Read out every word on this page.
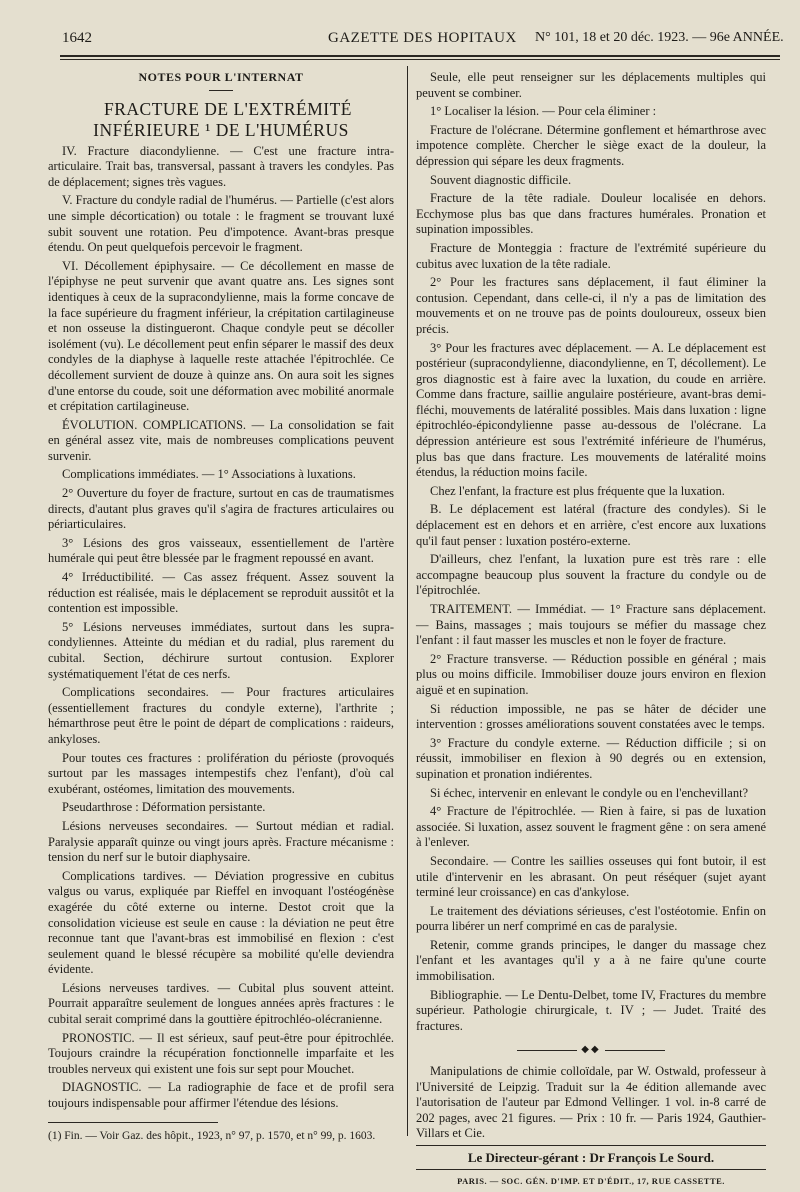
1642	GAZETTE DES HOPITAUX N° 101, 18 et 20 déc. 1923. — 96e ANNÉE.

NOTES POUR L'INTERNAT

FRACTURE DE L'EXTRÉMITÉ INFÉRIEURE ¹ DE L'HUMÉRUS

IV. Fracture diacondylienne. — C'est une fracture intra-articulaire. Trait bas, transversal, passant à travers les condyles. Pas de déplacement; signes très vagues.

V. Fracture du condyle radial de l'humérus. — Partielle (c'est alors une simple décortication) ou totale : le fragment se trouvant luxé subit souvent une rotation. Peu d'impotence. Avant-bras presque étendu. On peut quelquefois percevoir le fragment.

VI. Décollement épiphysaire. — Ce décollement en masse de l'épiphyse ne peut survenir que avant quatre ans. Les signes sont identiques à ceux de la supracondylienne, mais la forme concave de la face supérieure du fragment inférieur, la crépitation cartilagineuse et non osseuse la distingueront. Chaque condyle peut se décoller isolément (vu). Le décollement peut enfin séparer le massif des deux condyles de la diaphyse à laquelle reste attachée l'épitrochlée. Ce décollement survient de douze à quinze ans. On aura soit les signes d'une entorse du coude, soit une déformation avec mobilité anormale et crépitation cartilagineuse.

ÉVOLUTION. COMPLICATIONS. — La consolidation se fait en général assez vite, mais de nombreuses complications peuvent survenir.

Complications immédiates. — 1° Associations à luxations.

2° Ouverture du foyer de fracture, surtout en cas de traumatismes directs, d'autant plus graves qu'il s'agira de fractures articulaires ou périarticulaires.

3° Lésions des gros vaisseaux, essentiellement de l'artère humérale qui peut être blessée par le fragment repoussé en avant.

4° Irréductibilité. — Cas assez fréquent. Assez souvent la réduction est réalisée, mais le déplacement se reproduit aussitôt et la contention est impossible.

5° Lésions nerveuses immédiates, surtout dans les supra-condyliennes. Atteinte du médian et du radial, plus rarement du cubital. Section, déchirure surtout contusion. Explorer systématiquement l'état de ces nerfs.

Complications secondaires. — Pour fractures articulaires (essentiellement fractures du condyle externe), l'arthrite ; hémarthrose peut être le point de départ de complications : raideurs, ankyloses.

Pour toutes ces fractures : prolifération du périoste (provoqués surtout par les massages intempestifs chez l'enfant), d'où cal exubérant, ostéomes, limitation des mouvements.

Pseudarthrose : Déformation persistante.

Lésions nerveuses secondaires. — Surtout médian et radial. Paralysie apparaît quinze ou vingt jours après. Fracture mécanisme : tension du nerf sur le butoir diaphysaire.

Complications tardives. — Déviation progressive en cubitus valgus ou varus, expliquée par Rieffel en invoquant l'ostéogénèse exagérée du côté externe ou interne. Destot croit que la consolidation vicieuse est seule en cause : la déviation ne peut être reconnue tant que l'avant-bras est immobilisé en flexion : c'est seulement quand le blessé récupère sa mobilité qu'elle deviendra évidente.

Lésions nerveuses tardives. — Cubital plus souvent atteint. Pourrait apparaître seulement de longues années après fractures : le cubital serait comprimé dans la gouttière épitrochléo-olécranienne.

PRONOSTIC. — Il est sérieux, sauf peut-être pour épitrochlée. Toujours craindre la récupération fonctionnelle imparfaite et les troubles nerveux qui existent une fois sur sept pour Mouchet.

DIAGNOSTIC. — La radiographie de face et de profil sera toujours indispensable pour affirmer l'étendue des lésions.

(1) Fin. — Voir Gaz. des hôpit., 1923, n° 97, p. 1570, et n° 99, p. 1603.

Seule, elle peut renseigner sur les déplacements multiples qui peuvent se combiner.

1° Localiser la lésion. — Pour cela éliminer :

Fracture de l'olécrane. Détermine gonflement et hémarthrose avec impotence complète. Chercher le siège exact de la douleur, la dépression qui sépare les deux fragments.

Souvent diagnostic difficile.

Fracture de la tête radiale. Douleur localisée en dehors. Ecchymose plus bas que dans fractures humérales. Pronation et supination impossibles.

Fracture de Monteggia : fracture de l'extrémité supérieure du cubitus avec luxation de la tête radiale.

2° Pour les fractures sans déplacement, il faut éliminer la contusion. Cependant, dans celle-ci, il n'y a pas de limitation des mouvements et on ne trouve pas de points douloureux, osseux bien précis.

3° Pour les fractures avec déplacement. — A. Le déplacement est postérieur (supracondylienne, diacondylienne, en T, décollement). Le gros diagnostic est à faire avec la luxation, du coude en arrière. Comme dans fracture, saillie angulaire postérieure, avant-bras demi-fléchi, mouvements de latéralité possibles. Mais dans luxation : ligne épitrochléo-épicondylienne passe au-dessous de l'olécrane. La dépression antérieure est sous l'extrémité inférieure de l'humérus, plus bas que dans fracture. Les mouvements de latéralité moins étendus, la réduction moins facile.

Chez l'enfant, la fracture est plus fréquente que la luxation.

B. Le déplacement est latéral (fracture des condyles). Si le déplacement est en dehors et en arrière, c'est encore aux luxations qu'il faut penser : luxation postéro-externe.

D'ailleurs, chez l'enfant, la luxation pure est très rare : elle accompagne beaucoup plus souvent la fracture du condyle ou de l'épitrochlée.

TRAITEMENT. — Immédiat. — 1° Fracture sans déplacement. — Bains, massages ; mais toujours se méfier du massage chez l'enfant : il faut masser les muscles et non le foyer de fracture.

2° Fracture transverse. — Réduction possible en général ; mais plus ou moins difficile. Immobiliser douze jours environ en flexion aiguë et en supination.

Si réduction impossible, ne pas se hâter de décider une intervention : grosses améliorations souvent constatées avec le temps.

3° Fracture du condyle externe. — Réduction difficile ; si on réussit, immobiliser en flexion à 90 degrés ou en extension, supination et pronation indiérentes.

Si échec, intervenir en enlevant le condyle ou en l'enchevillant?

4° Fracture de l'épitrochlée. — Rien à faire, si pas de luxation associée. Si luxation, assez souvent le fragment gêne : on sera amené à l'enlever.

Secondaire. — Contre les saillies osseuses qui font butoir, il est utile d'intervenir en les abrasant. On peut réséquer (sujet ayant terminé leur croissance) en cas d'ankylose.

Le traitement des déviations sérieuses, c'est l'ostéotomie. Enfin on pourra libérer un nerf comprimé en cas de paralysie.

Retenir, comme grands principes, le danger du massage chez l'enfant et les avantages qu'il y a à ne faire qu'une courte immobilisation.

Bibliographie. — Le Dentu-Delbet, tome IV, Fractures du membre supérieur. Pathologie chirurgicale, t. IV ; — Judet. Traité des fractures.

◆◆

Manipulations de chimie colloïdale, par W. Ostwald, professeur à l'Université de Leipzig. Traduit sur la 4e édition allemande avec l'autorisation de l'auteur par Edmond Vellinger. 1 vol. in-8 carré de 202 pages, avec 21 figures. — Prix : 10 fr. — Paris 1924, Gauthier-Villars et Cie.

Le Directeur-gérant : Dr François Le Sourd.

PARIS. — SOC. GÉN. D'IMP. ET D'ÉDIT., 17, RUE CASSETTE.
